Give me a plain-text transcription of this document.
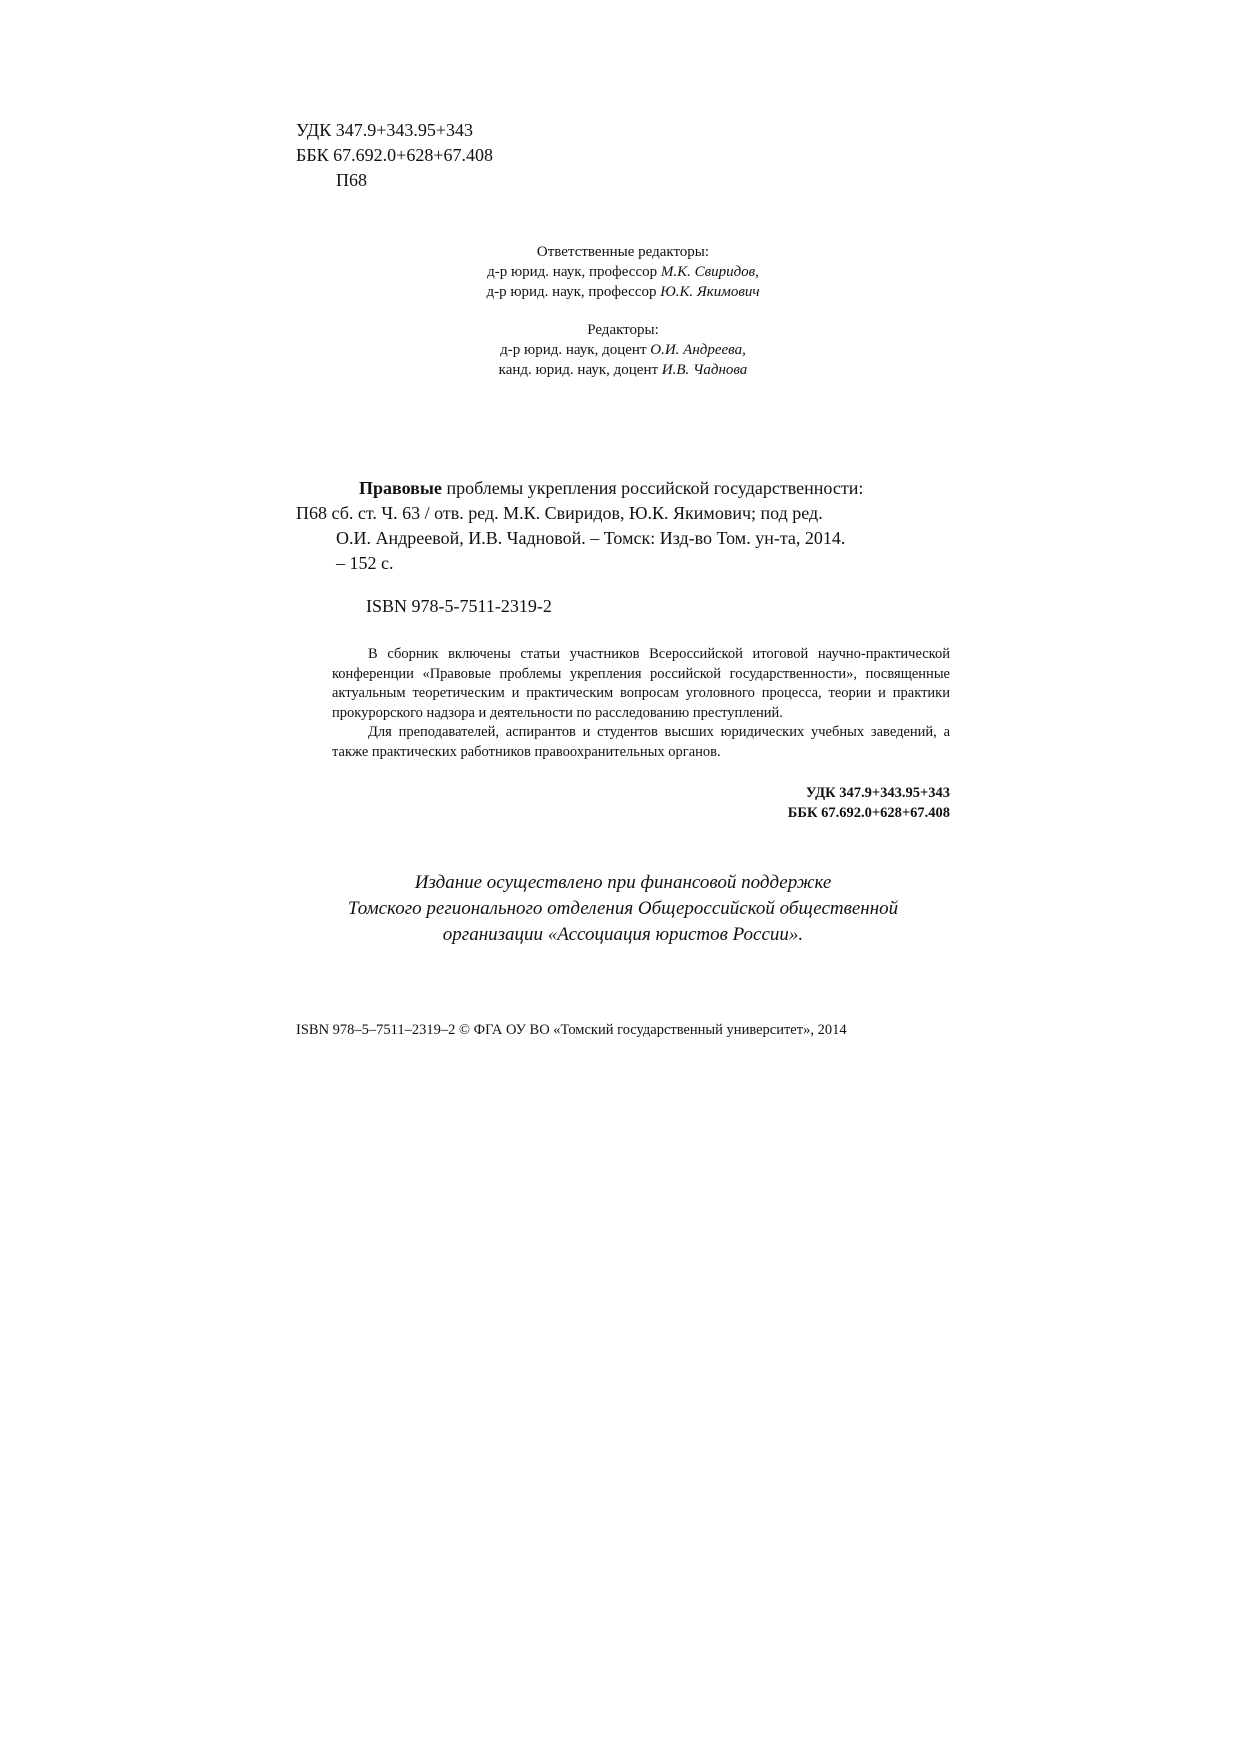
УДК 347.9+343.95+343
ББК 67.692.0+628+67.408
П68
Ответственные редакторы:
д-р юрид. наук, профессор М.К. Свиридов,
д-р юрид. наук, профессор Ю.К. Якимович
Редакторы:
д-р юрид. наук, доцент О.И. Андреева,
канд. юрид. наук, доцент И.В. Чаднова
Правовые проблемы укрепления российской государственности:
П68 сб. ст. Ч. 63 / отв. ред. М.К. Свиридов, Ю.К. Якимович; под ред.
О.И. Андреевой, И.В. Чадновой. – Томск: Изд-во Том. ун-та, 2014.
– 152 с.
ISBN 978-5-7511-2319-2

В сборник включены статьи участников Всероссийской итоговой научно-практической конференции «Правовые проблемы укрепления российской государственности», посвященные актуальным теоретическим и практическим вопросам уголовного процесса, теории и практики прокурорского надзора и деятельности по расследованию преступлений.

Для преподавателей, аспирантов и студентов высших юридических учебных заведений, а также практических работников правоохранительных органов.

УДК 347.9+343.95+343
ББК 67.692.0+628+67.408
Издание осуществлено при финансовой поддержке
Томского регионального отделения Общероссийской общественной
организации «Ассоциация юристов России».
ISBN 978–5–7511–2319–2 © ФГА ОУ ВО «Томский государственный университет», 2014
